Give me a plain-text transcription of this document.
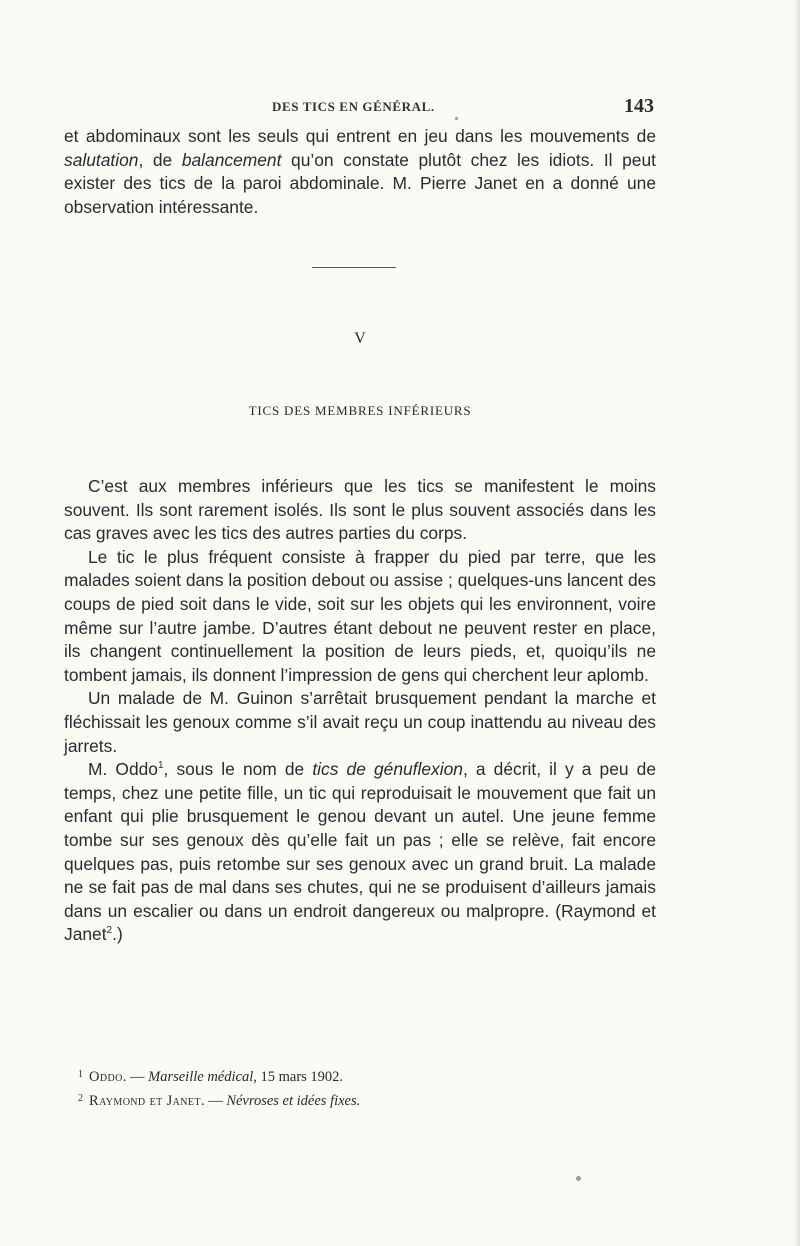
DES TICS EN GÉNÉRAL.	143

et abdominaux sont les seuls qui entrent en jeu dans les mouvements de salutation, de balancement qu’on constate plutôt chez les idiots. Il peut exister des tics de la paroi abdominale. M. Pierre Janet en a donné une observation intéressante.

V
TICS DES MEMBRES INFÉRIEURS

C’est aux membres inférieurs que les tics se manifestent le moins souvent. Ils sont rarement isolés. Ils sont le plus souvent associés dans les cas graves avec les tics des autres parties du corps.

Le tic le plus fréquent consiste à frapper du pied par terre, que les malades soient dans la position debout ou assise ; quelques-uns lancent des coups de pied soit dans le vide, soit sur les objets qui les environnent, voire même sur l’autre jambe. D’autres étant debout ne peuvent rester en place, ils changent continuellement la position de leurs pieds, et, quoiqu’ils ne tombent jamais, ils donnent l’impression de gens qui cherchent leur aplomb.

Un malade de M. Guinon s’arrêtait brusquement pendant la marche et fléchissait les genoux comme s’il avait reçu un coup inattendu au niveau des jarrets.

M. Oddo$^1$, sous le nom de tics de génuflexion, a décrit, il y a peu de temps, chez une petite fille, un tic qui reproduisait le mouvement que fait un enfant qui plie brusquement le genou devant un autel. Une jeune femme tombe sur ses genoux dès qu’elle fait un pas ; elle se relève, fait encore quelques pas, puis retombe sur ses genoux avec un grand bruit. La malade ne se fait pas de mal dans ses chutes, qui ne se produisent d’ailleurs jamais dans un escalier ou dans un endroit dangereux ou malpropre. (Raymond et Janet$^2$.)

$^1$ Oddo. — Marseille médical, 15 mars 1902.

$^2$ Raymond et Janet. — Névroses et idées fixes.
